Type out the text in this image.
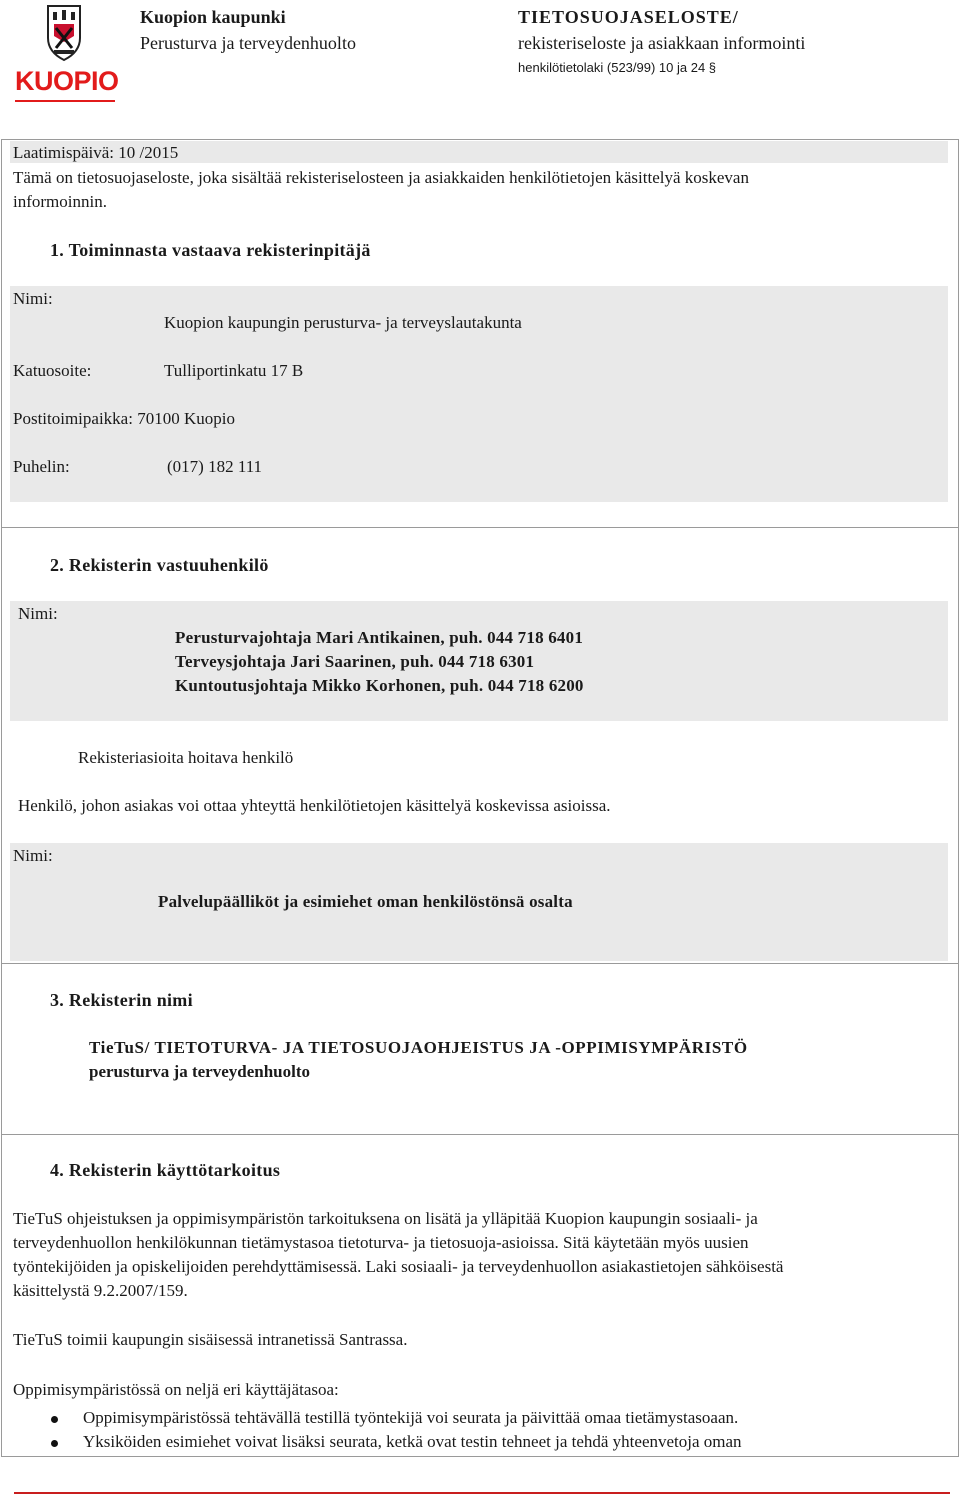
KUOPIO
Kuopion kaupunki
Perusturva ja terveydenhuolto
TIETOSUOJASELOSTE/
rekisteriseloste ja asiakkaan informointi
henkilötietolaki (523/99) 10 ja 24 §
Laatimispäivä: 10 /2015
Tämä on tietosuojaseloste, joka sisältää rekisteriselosteen ja asiakkaiden henkilötietojen käsittelyä koskevan
informoinnin.
1. Toiminnasta vastaava rekisterinpitäjä
Nimi:
Kuopion kaupungin perusturva- ja terveyslautakunta
Katuosoite:	Tulliportinkatu 17 B
Postitoimipaikka: 70100 Kuopio
Puhelin:	(017) 182 111
2. Rekisterin vastuuhenkilö
Nimi:
Perusturvajohtaja Mari Antikainen, puh. 044 718 6401
Terveysjohtaja Jari Saarinen, puh. 044 718 6301
Kuntoutusjohtaja Mikko Korhonen, puh. 044 718 6200
Rekisteriasioita hoitava henkilö
Henkilö, johon asiakas voi ottaa yhteyttä henkilötietojen käsittelyä koskevissa asioissa.
Nimi:
Palvelupäälliköt ja esimiehet oman henkilöstönsä osalta
3. Rekisterin nimi
TieTuS/ TIETOTURVA- JA TIETOSUOJAOHJEISTUS JA -OPPIMISYMPÄRISTÖ
perusturva ja terveydenhuolto
4. Rekisterin käyttötarkoitus
TieTuS ohjeistuksen ja oppimisympäristön tarkoituksena on lisätä ja ylläpitää Kuopion kaupungin sosiaali- ja
terveydenhuollon henkilökunnan tietämystasoa tietoturva- ja tietosuoja-asioissa. Sitä käytetään myös uusien
työntekijöiden ja opiskelijoiden perehdyttämisessä. Laki sosiaali- ja terveydenhuollon asiakastietojen sähköisestä
käsittelystä 9.2.2007/159.
TieTuS toimii kaupungin sisäisessä intranetissä Santrassa.
Oppimisympäristössä on neljä eri käyttäjätasoa:
Oppimisympäristössä tehtävällä testillä työntekijä voi seurata ja päivittää omaa tietämystasoaan.
Yksiköiden esimiehet voivat lisäksi seurata, ketkä ovat testin tehneet ja tehdä yhteenvetoja oman
